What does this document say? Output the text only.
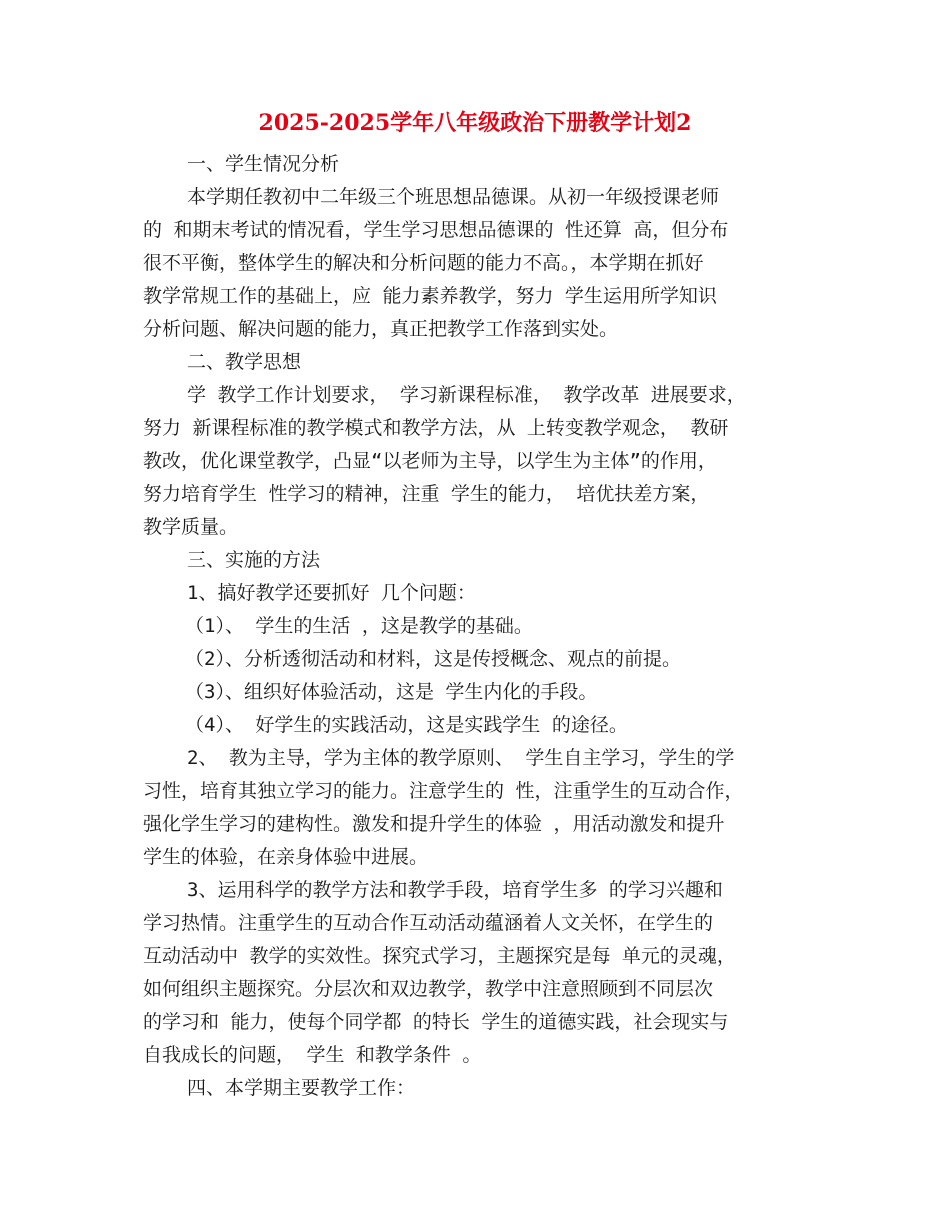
2025-2025学年八年级政治下册教学计划2
一、学生情况分析
本学期任教初中二年级三个班思想品德课。从初一年级授课老师
的 和期末考试的情况看，学生学习思想品德课的 性还算 高，但分布
很不平衡，整体学生的解决和分析问题的能力不高。，本学期在抓好
教学常规工作的基础上，应 能力素养教学，努力 学生运用所学知识
分析问题、解决问题的能力，真正把教学工作落到实处。
二、教学思想
学 教学工作计划要求， 学习新课程标准， 教学改革 进展要求，
努力 新课程标准的教学模式和教学方法，从 上转变教学观念， 教研
教改，优化课堂教学，凸显“以老师为主导，以学生为主体”的作用，
努力培育学生 性学习的精神，注重 学生的能力， 培优扶差方案，
教学质量。
三、实施的方法
1、搞好教学还要抓好 几个问题：
（1）、 学生的生活 ，这是教学的基础。
（2）、分析透彻活动和材料，这是传授概念、观点的前提。
（3）、组织好体验活动，这是 学生内化的手段。
（4）、 好学生的实践活动，这是实践学生 的途径。
2、 教为主导，学为主体的教学原则、 学生自主学习，学生的学
习性，培育其独立学习的能力。注意学生的 性，注重学生的互动合作，
强化学生学习的建构性。激发和提升学生的体验 ，用活动激发和提升
学生的体验，在亲身体验中进展。
3、运用科学的教学方法和教学手段，培育学生多 的学习兴趣和
学习热情。注重学生的互动合作互动活动蕴涵着人文关怀，在学生的
互动活动中 教学的实效性。探究式学习，主题探究是每 单元的灵魂，
如何组织主题探究。分层次和双边教学，教学中注意照顾到不同层次
的学习和 能力，使每个同学都 的特长 学生的道德实践，社会现实与
自我成长的问题， 学生 和教学条件 。
四、本学期主要教学工作：
